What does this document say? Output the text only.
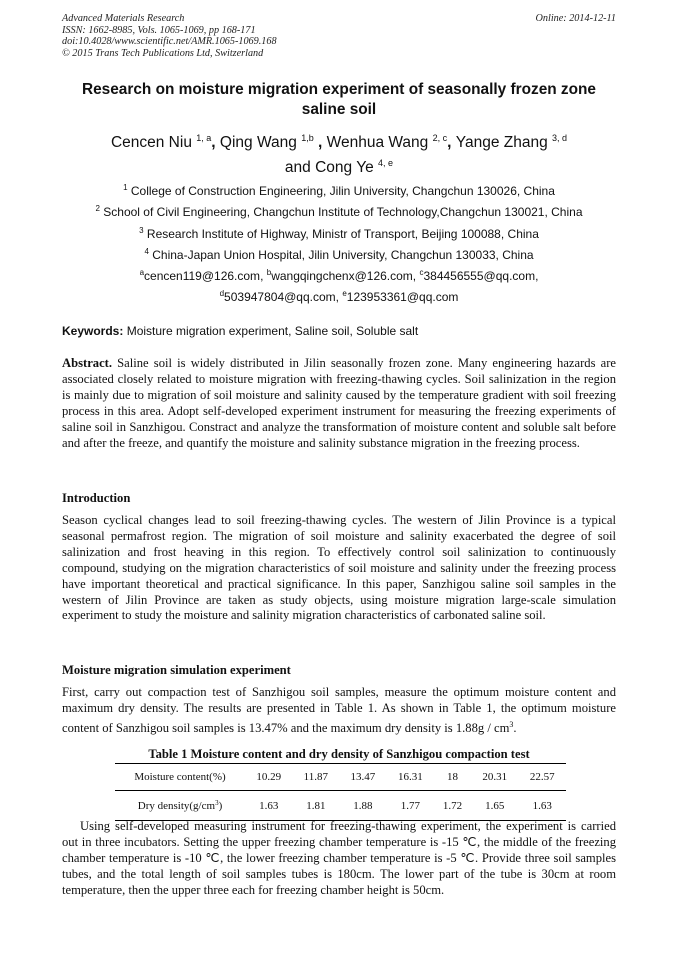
Advanced Materials Research
ISSN: 1662-8985, Vols. 1065-1069, pp 168-171
doi:10.4028/www.scientific.net/AMR.1065-1069.168
© 2015 Trans Tech Publications Ltd, Switzerland
Online: 2014-12-11
Research on moisture migration experiment of seasonally frozen zone
saline soil
Cencen Niu $^{1, a}$, Qing Wang $^{1,b}$ , Wenhua Wang $^{2, c}$, Yange Zhang $^{3, d}$
and Cong Ye $^{4, e}$
$^1$ College of Construction Engineering, Jilin University, Changchun 130026, China
$^2$ School of Civil Engineering, Changchun Institute of Technology,Changchun 130021, China
$^3$ Research Institute of Highway, Ministr of Transport, Beijing 100088, China
$^4$ China-Japan Union Hospital, Jilin University, Changchun 130033, China
$^a$cencen119@126.com, $^b$wangqingchenx@126.com, $^c$384456555@qq.com,
$^d$503947804@qq.com, $^e$123953361@qq.com
Keywords: Moisture migration experiment, Saline soil, Soluble salt
Abstract. Saline soil is widely distributed in Jilin seasonally frozen zone. Many engineering hazards are associated closely related to moisture migration with freezing-thawing cycles. Soil salinization in the region is mainly due to migration of soil moisture and salinity caused by the temperature gradient with soil freezing process in this area. Adopt self-developed experiment instrument for measuring the freezing experiments of saline soil in Sanzhigou. Constract and analyze the transformation of moisture content and soluble salt before and after the freeze, and quantify the moisture and salinity substance migration in the freezing process.
Introduction
Season cyclical changes lead to soil freezing-thawing cycles. The western of Jilin Province is a typical seasonal permafrost region. The migration of soil moisture and salinity exacerbated the degree of soil salinization and frost heaving in this region. To effectively control soil salinization to continuously compound, studying on the migration characteristics of soil moisture and salinity under the freezing process have important theoretical and practical significance. In this paper, Sanzhigou saline soil samples in the western of Jilin Province are taken as study objects, using moisture migration large-scale simulation experiment to study the moisture and salinity migration characteristics of carbonated saline soil.
Moisture migration simulation experiment
First, carry out compaction test of Sanzhigou soil samples, measure the optimum moisture content and maximum dry density. The results are presented in Table 1. As shown in Table 1, the optimum moisture content of Sanzhigou soil samples is 13.47% and the maximum dry density is $1.88g / cm^3$.
Table 1 Moisture content and dry density of Sanzhigou compaction test
Moisture content(%)	10.29	11.87	13.47	16.31	18	20.31	22.57
Dry $density(g/cm^3)$	1.63	1.81	1.88	1.77	1.72	1.65	1.63
Using self-developed measuring instrument for freezing-thawing experiment, the experiment is carried out in three incubators. Setting the upper freezing chamber temperature is -15 ℃, the middle of the freezing chamber temperature is -10 ℃, the lower freezing chamber temperature is -5 ℃. Provide three soil samples tubes, and the total length of soil samples tubes is 180cm. The lower part of the tube is 30cm at room temperature, then the upper three each for freezing chamber height is 50cm.
